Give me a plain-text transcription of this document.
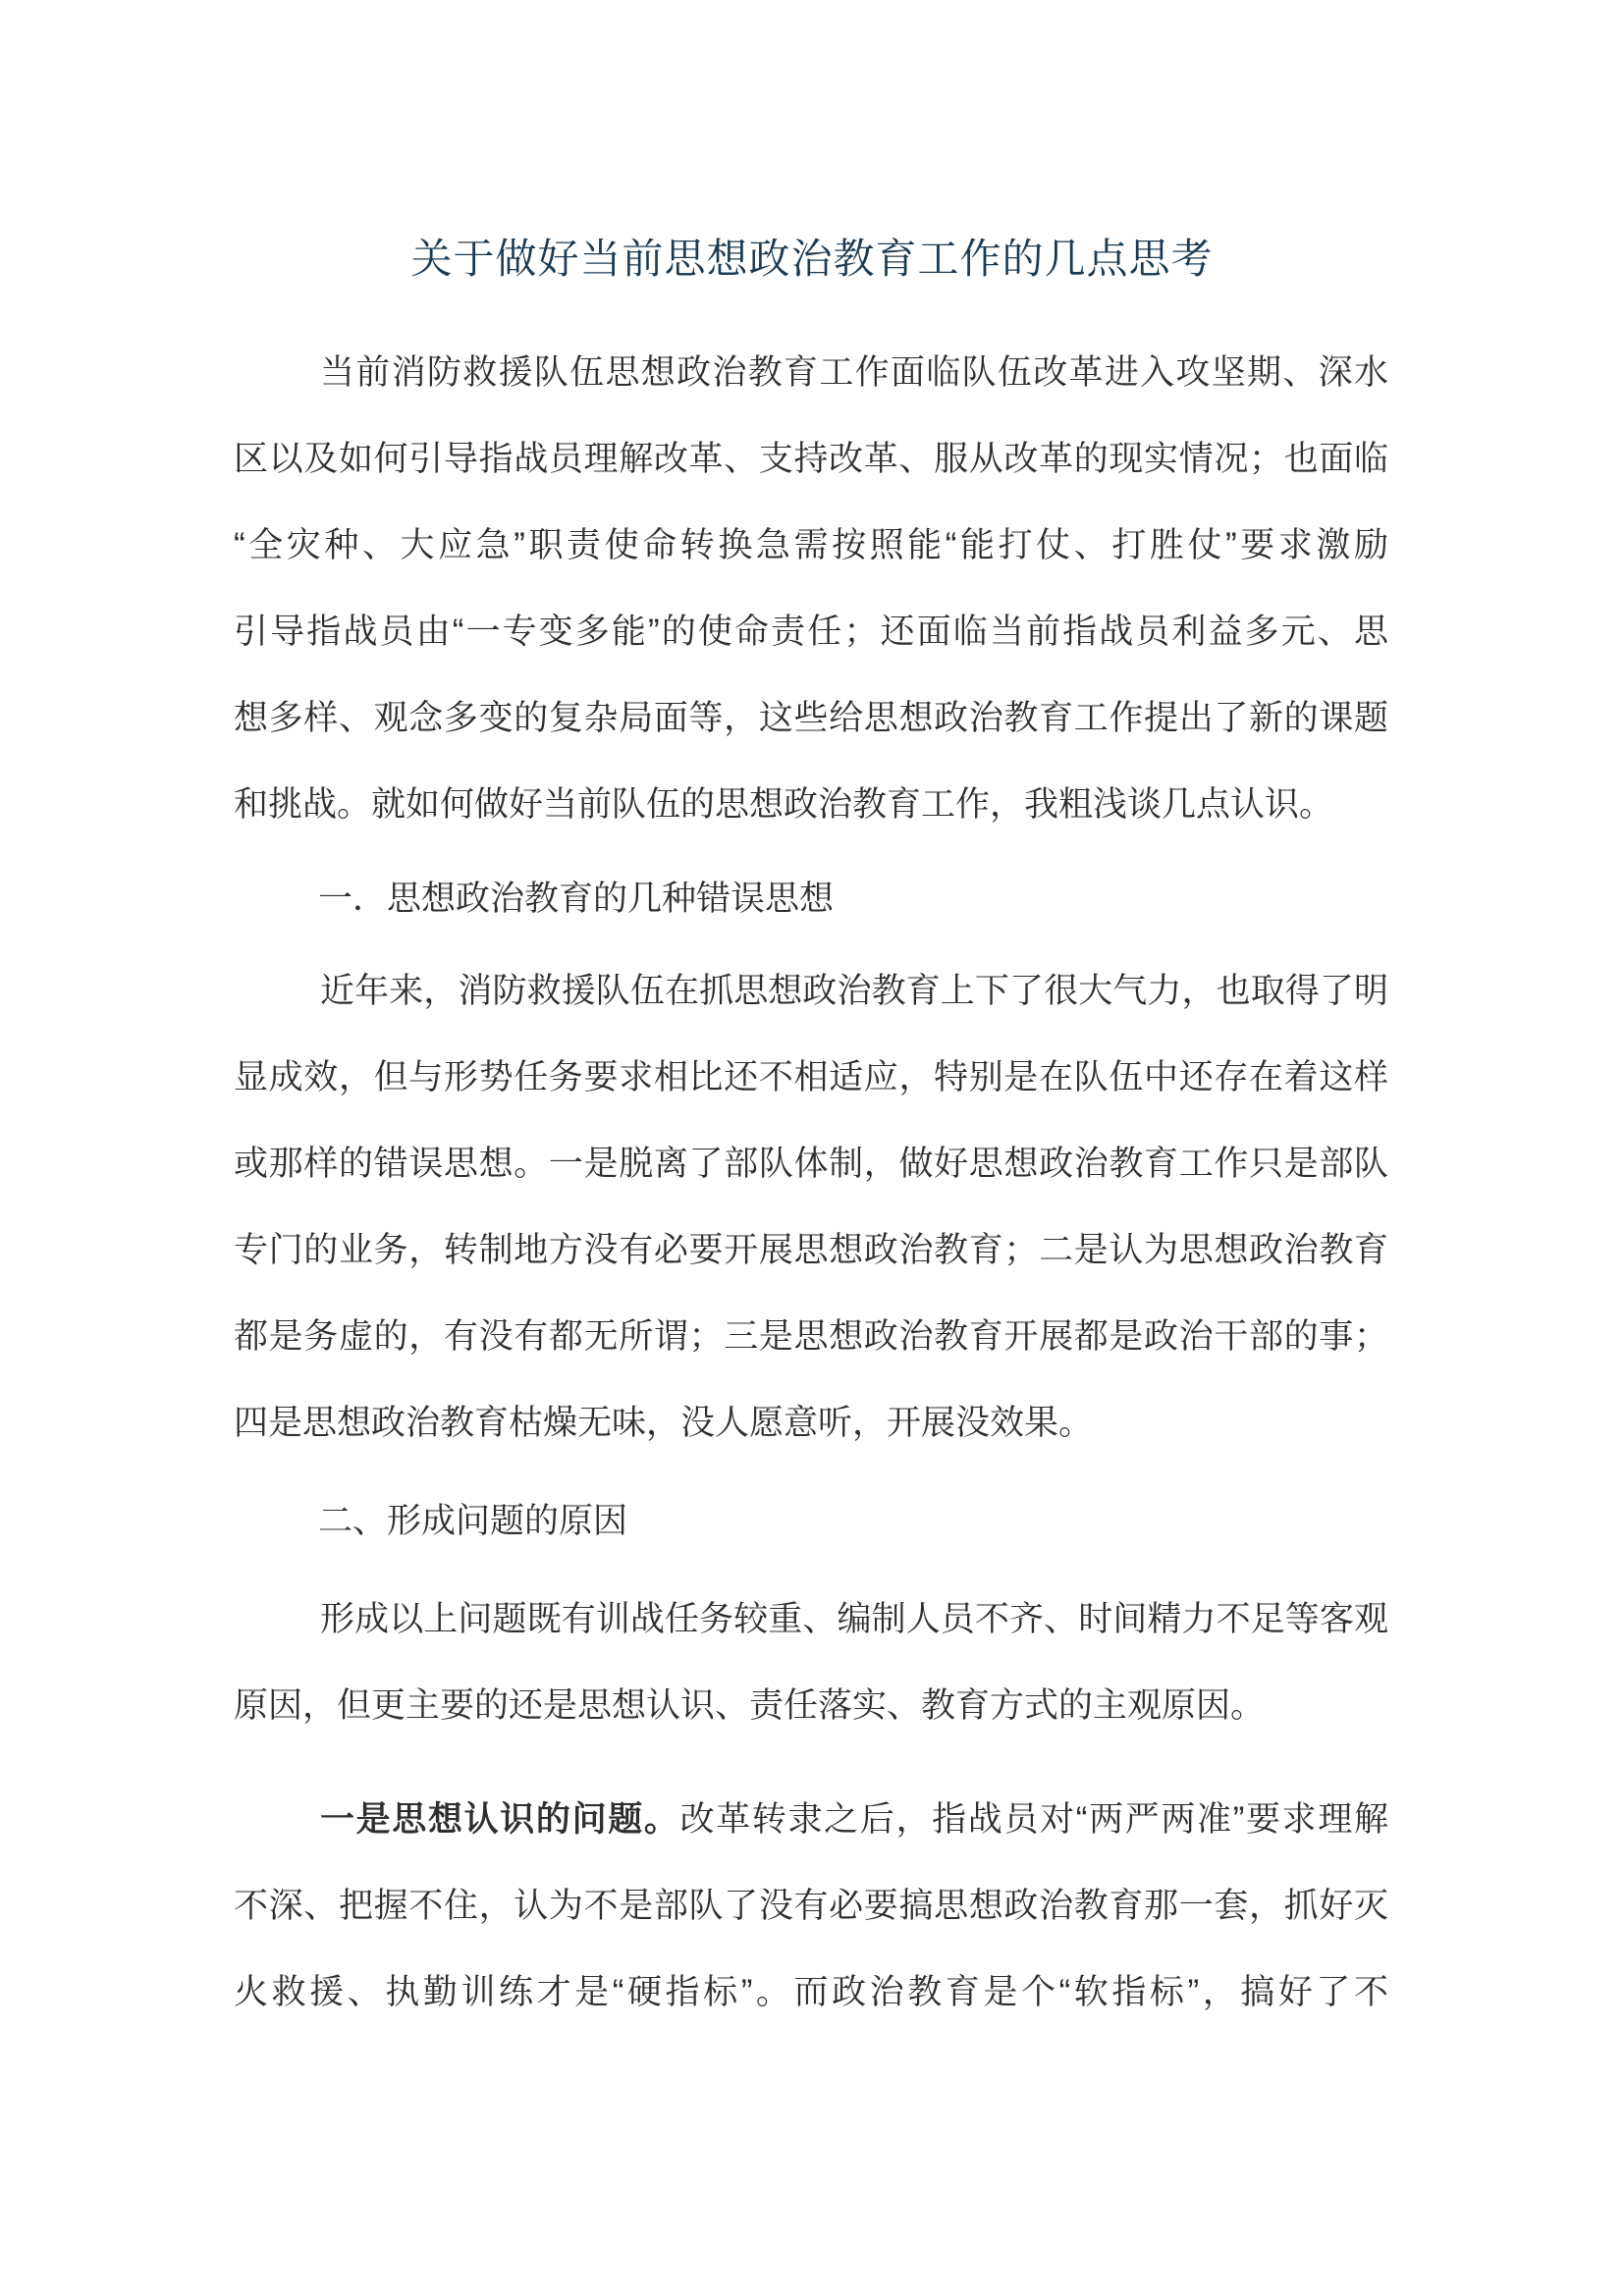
关于做好当前思想政治教育工作的几点思考
当前消防救援队伍思想政治教育工作面临队伍改革进入攻坚期、深水
区以及如何引导指战员理解改革、支持改革、服从改革的现实情况；也面临
“全灾种、大应急”职责使命转换急需按照能“能打仗、打胜仗”要求激励
引导指战员由“一专变多能”的使命责任；还面临当前指战员利益多元、思
想多样、观念多变的复杂局面等，这些给思想政治教育工作提出了新的课题
和挑战。就如何做好当前队伍的思想政治教育工作，我粗浅谈几点认识。
一．思想政治教育的几种错误思想
近年来，消防救援队伍在抓思想政治教育上下了很大气力，也取得了明
显成效，但与形势任务要求相比还不相适应，特别是在队伍中还存在着这样
或那样的错误思想。一是脱离了部队体制，做好思想政治教育工作只是部队
专门的业务，转制地方没有必要开展思想政治教育；二是认为思想政治教育
都是务虚的，有没有都无所谓；三是思想政治教育开展都是政治干部的事；
四是思想政治教育枯燥无味，没人愿意听，开展没效果。
二、形成问题的原因
形成以上问题既有训战任务较重、编制人员不齐、时间精力不足等客观
原因，但更主要的还是思想认识、责任落实、教育方式的主观原因。
一是思想认识的问题。改革转隶之后，指战员对“两严两准”要求理解
不深、把握不住，认为不是部队了没有必要搞思想政治教育那一套，抓好灭
火救援、执勤训练才是“硬指标”。而政治教育是个“软指标”，搞好了不
